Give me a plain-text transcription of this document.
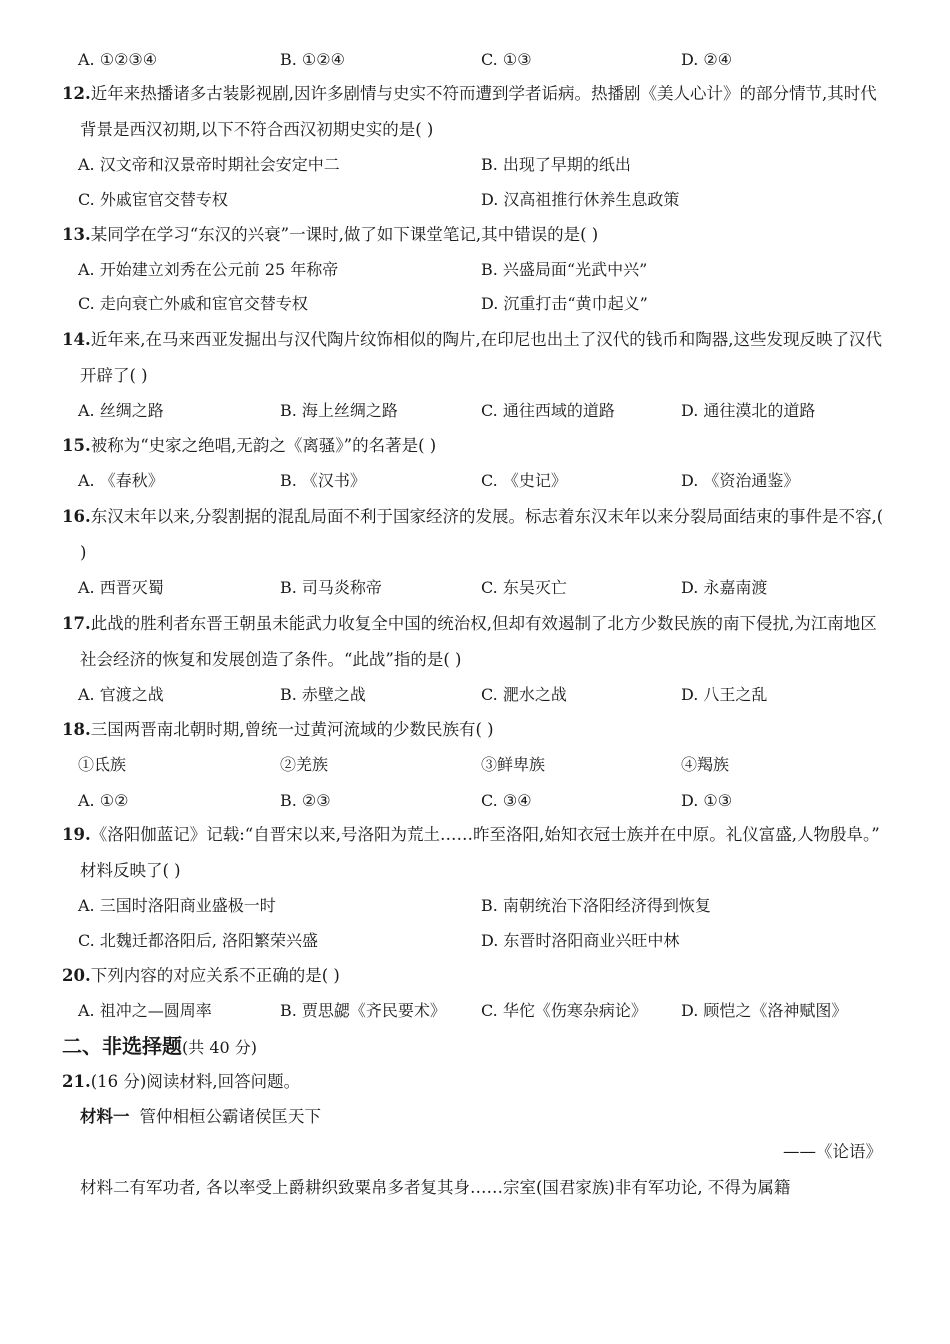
A. ①②③④	B. ①②④	C. ①③	D. ②④
12.近年来热播诸多古装影视剧,因许多剧情与史实不符而遭到学者诟病。热播剧《美人心计》的部分情节,其时代
背景是西汉初期,以下不符合西汉初期史实的是( )
A. 汉文帝和汉景帝时期社会安定中二	B. 出现了早期的纸出
C. 外戚宦官交替专权	D. 汉高祖推行休养生息政策
13.某同学在学习“东汉的兴衰”一课时,做了如下课堂笔记,其中错误的是( )
A. 开始建立刘秀在公元前 25 年称帝	B. 兴盛局面“光武中兴”
C. 走向衰亡外戚和宦官交替专权	D. 沉重打击“黄巾起义”
14.近年来,在马来西亚发掘出与汉代陶片纹饰相似的陶片,在印尼也出土了汉代的钱币和陶器,这些发现反映了汉代
开辟了( )
A. 丝绸之路	B. 海上丝绸之路	C. 通往西域的道路	D. 通往漠北的道路
15.被称为“史家之绝唱,无韵之《离骚》”的名著是( )
A. 《春秋》	B. 《汉书》	C. 《史记》	D. 《资治通鉴》
16.东汉末年以来,分裂割据的混乱局面不利于国家经济的发展。标志着东汉末年以来分裂局面结束的事件是不容,(
)
A. 西晋灭蜀	B. 司马炎称帝	C. 东吴灭亡	D. 永嘉南渡
17.此战的胜利者东晋王朝虽未能武力收复全中国的统治权,但却有效遏制了北方少数民族的南下侵扰,为江南地区
社会经济的恢复和发展创造了条件。“此战”指的是( )
A. 官渡之战	B. 赤壁之战	C. 淝水之战	D. 八王之乱
18.三国两晋南北朝时期,曾统一过黄河流域的少数民族有( )
①氐族	②羌族	③鲜卑族	④羯族
A. ①②	B. ②③	C. ③④	D. ①③
19.《洛阳伽蓝记》记载:“自晋宋以来,号洛阳为荒土……昨至洛阳,始知衣冠士族并在中原。礼仪富盛,人物殷阜。”
材料反映了( )
A. 三国时洛阳商业盛极一时	B. 南朝统治下洛阳经济得到恢复
C. 北魏迁都洛阳后, 洛阳繁荣兴盛	D. 东晋时洛阳商业兴旺中林
20.下列内容的对应关系不正确的是( )
A. 祖冲之—圆周率	B. 贾思勰《齐民要术》 C. 华佗《伤寒杂病论》 D. 顾恺之《洛神赋图》
二、非选择题(共 40 分)
21.(16 分)阅读材料,回答问题。
材料一 管仲相桓公霸诸侯匡天下
——《论语》
材料二有军功者, 各以率受上爵耕织致粟帛多者复其身……宗室(国君家族)非有军功论, 不得为属籍
